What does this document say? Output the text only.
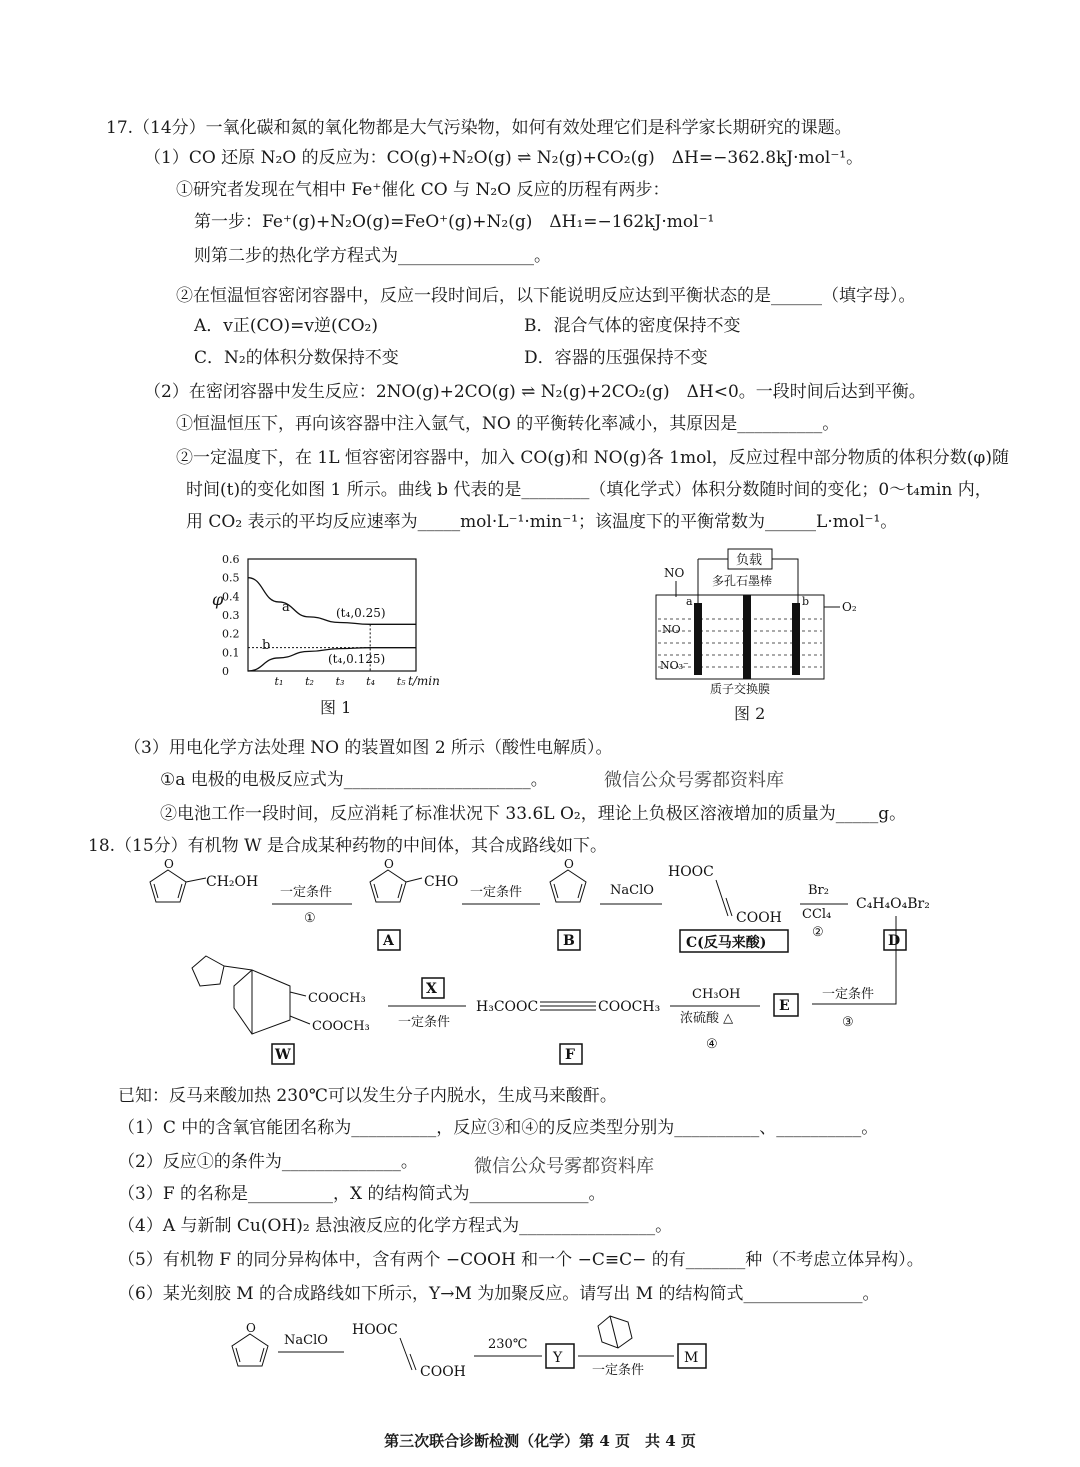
17.（14分）一氧化碳和氮的氧化物都是大气污染物，如何有效处理它们是科学家长期研究的课题。
（1）CO 还原 N₂O 的反应为：CO(g)+N₂O(g) ⇌ N₂(g)+CO₂(g)　ΔH=−362.8kJ·mol⁻¹。
①研究者发现在气相中 Fe⁺催化 CO 与 N₂O 反应的历程有两步：
第一步：Fe⁺(g)+N₂O(g)=FeO⁺(g)+N₂(g)　ΔH₁=−162kJ·mol⁻¹
则第二步的热化学方程式为________________。
②在恒温恒容密闭容器中，反应一段时间后，以下能说明反应达到平衡状态的是______（填字母）。
A．v正(CO)=v逆(CO₂)	B．混合气体的密度保持不变
C．N₂的体积分数保持不变	D．容器的压强保持不变
（2）在密闭容器中发生反应：2NO(g)+2CO(g) ⇌ N₂(g)+2CO₂(g)　ΔH<0。一段时间后达到平衡。
①恒温恒压下，再向该容器中注入氩气，NO 的平衡转化率减小，其原因是__________。
②一定温度下，在 1L 恒容密闭容器中，加入 CO(g)和 NO(g)各 1mol，反应过程中部分物质的体积分数(φ)随
时间(t)的变化如图 1 所示。曲线 b 代表的是________（填化学式）体积分数随时间的变化；0～t₄min 内，
用 CO₂ 表示的平均反应速率为_____mol·L⁻¹·min⁻¹；该温度下的平衡常数为______L·mol⁻¹。
φ
0.6
0.5
0.4
0.3
0.2
0.1
0
t₁ t₂ t₃ t₄ t₅
a
b
(t₄,0.25)
(t₄,0.125)
t/min
图 1
负载
多孔石墨棒
NO
O₂
a	b
NO
NO₃⁻
质子交换膜
图 2
（3）用电化学方法处理 NO 的装置如图 2 所示（酸性电解质）。
①a 电极的电极反应式为______________________。	微信公众号雾都资料库
②电池工作一段时间，反应消耗了标准状况下 33.6L O₂，理论上负极区溶液增加的质量为_____g。
18.（15分）有机物 W 是合成某种药物的中间体，其合成路线如下。
O
CH₂OH
一定条件
①
O
CHO
A
一定条件
O
B
NaClO
HOOC
COOH
C(反马来酸)
Br₂
CCl₄
②
C₄H₄O₄Br₂
D
一定条件
③
E
CH₃OH
浓硫酸 △
④
H₃COOC	COOCH₃
F
X
一定条件
COOCH₃
COOCH₃
W
已知：反马来酸加热 230℃可以发生分子内脱水，生成马来酸酐。
（1）C 中的含氧官能团名称为__________，反应③和④的反应类型分别为__________、__________。
（2）反应①的条件为______________。	微信公众号雾都资料库
（3）F 的名称是__________，X 的结构简式为______________。
（4）A 与新制 Cu(OH)₂ 悬浊液反应的化学方程式为________________。
（5）有机物 F 的同分异构体中，含有两个 −COOH 和一个 −C≡C− 的有_______种（不考虑立体异构）。
（6）某光刻胶 M 的合成路线如下所示，Y→M 为加聚反应。请写出 M 的结构简式______________。
O
NaClO
HOOC
COOH
230℃
Y
一定条件
M
第三次联合诊断检测（化学）第 4 页　共 4 页
